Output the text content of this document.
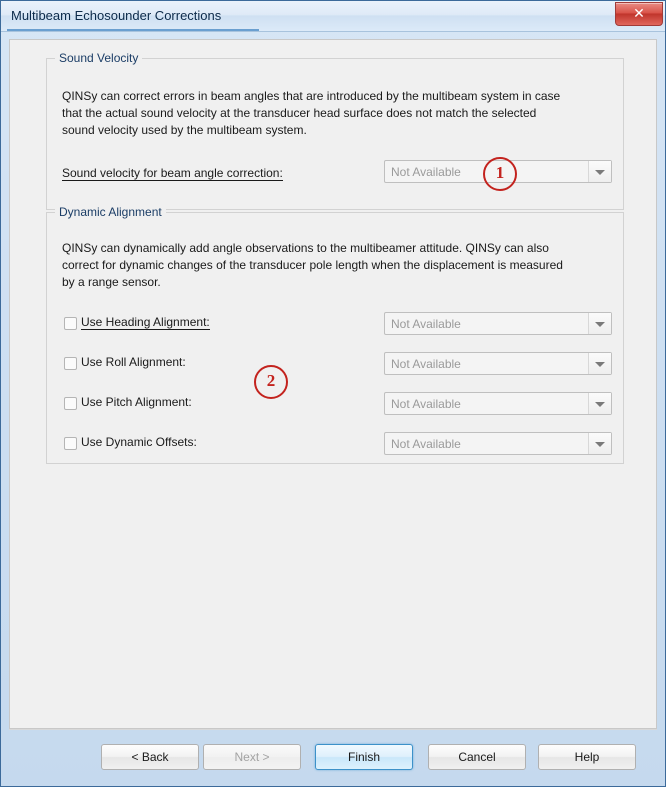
Multibeam Echosounder Corrections	✕
Sound Velocity
QINSy can correct errors in beam angles that are introduced by the multibeam system in case
that the actual sound velocity at the transducer head surface does not match the selected
sound velocity used by the multibeam system.
Sound velocity for beam angle correction:	Not Available	1
Dynamic Alignment
QINSy can dynamically add angle observations to the multibeamer attitude. QINSy can also
correct for dynamic changes of the transducer pole length when the displacement is measured
by a range sensor.
Use Heading Alignment:	Not Available
Use Roll Alignment:	Not Available
Use Pitch Alignment:	Not Available
Use Dynamic Offsets:	Not Available
2
< Back	Next >	Finish	Cancel	Help
